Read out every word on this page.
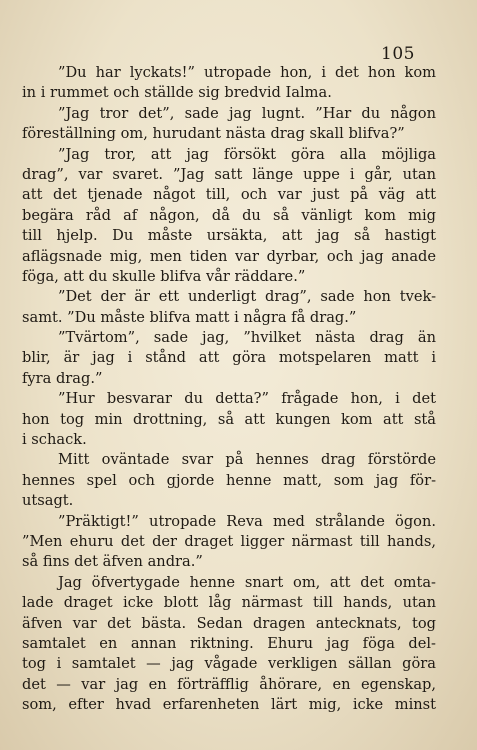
105
”Du har lyckats!” utropade hon, i det hon kom
in i rummet och ställde sig bredvid Ialma.
”Jag tror det”, sade jag lugnt. ”Har du någon
föreställning om, hurudant nästa drag skall blifva?”
”Jag tror, att jag försökt göra alla möjliga
drag”, var svaret. ”Jag satt länge uppe i går, utan
att det tjenade något till, och var just på väg att
begära råd af någon, då du så vänligt kom mig
till hjelp. Du måste ursäkta, att jag så hastigt
aflägsnade mig, men tiden var dyrbar, och jag anade
föga, att du skulle blifva vår räddare.”
”Det der är ett underligt drag”, sade hon tvek-
samt. ”Du måste blifva matt i några få drag.”
”Tvärtom”, sade jag, ”hvilket nästa drag än
blir, är jag i stånd att göra motspelaren matt i
fyra drag.”
”Hur besvarar du detta?” frågade hon, i det
hon tog min drottning, så att kungen kom att stå
i schack.
Mitt oväntade svar på hennes drag förstörde
hennes spel och gjorde henne matt, som jag för-
utsagt.
”Präktigt!” utropade Reva med strålande ögon.
”Men ehuru det der draget ligger närmast till hands,
så fins det äfven andra.”
Jag öfvertygade henne snart om, att det omta-
lade draget icke blott låg närmast till hands, utan
äfven var det bästa. Sedan dragen antecknats, tog
samtalet en annan riktning. Ehuru jag föga del-
tog i samtalet — jag vågade verkligen sällan göra
det — var jag en förträfflig åhörare, en egenskap,
som, efter hvad erfarenheten lärt mig, icke minst
